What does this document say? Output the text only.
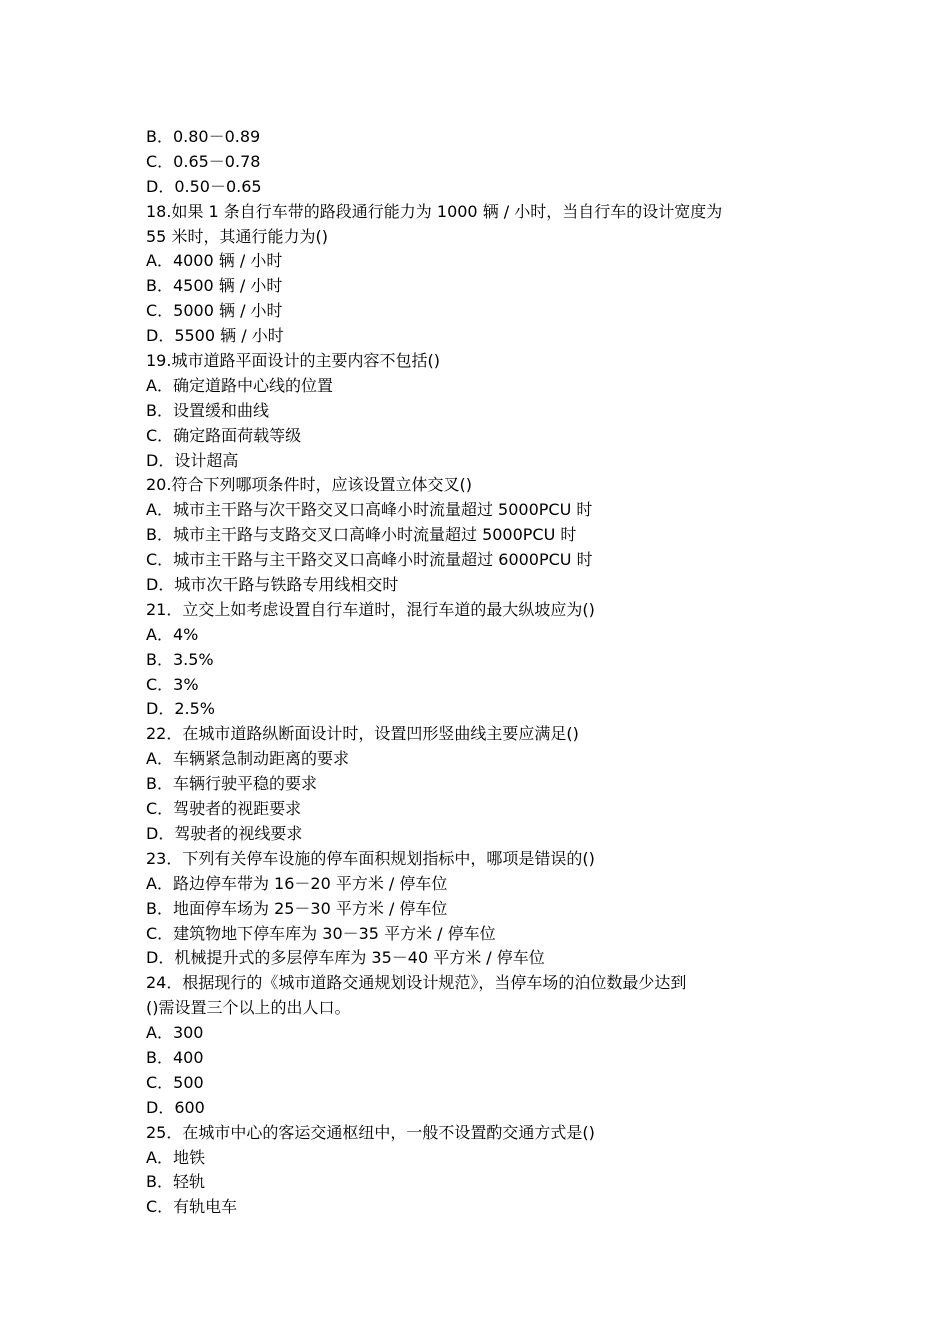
B．0.80－0.89
C．0.65－0.78
D．0.50－0.65
18.如果 1 条自行车带的路段通行能力为 1000 辆 / 小时，当自行车的设计宽度为
55 米时，其通行能力为()
A．4000 辆 / 小时
B．4500 辆 / 小时
C．5000 辆 / 小时
D．5500 辆 / 小时
19.城市道路平面设计的主要内容不包括()
A．确定道路中心线的位置
B．设置缓和曲线
C．确定路面荷载等级
D．设计超高
20.符合下列哪项条件时，应该设置立体交叉()
A．城市主干路与次干路交叉口高峰小时流量超过 5000PCU 时
B．城市主干路与支路交叉口高峰小时流量超过 5000PCU 时
C．城市主干路与主干路交叉口高峰小时流量超过 6000PCU 时
D．城市次干路与铁路专用线相交时
21．立交上如考虑设置自行车道时，混行车道的最大纵坡应为()
A．4%
B．3.5%
C．3%
D．2.5%
22．在城市道路纵断面设计时，设置凹形竖曲线主要应满足()
A．车辆紧急制动距离的要求
B．车辆行驶平稳的要求
C．驾驶者的视距要求
D．驾驶者的视线要求
23．下列有关停车设施的停车面积规划指标中，哪项是错误的()
A．路边停车带为 16－20 平方米 / 停车位
B．地面停车场为 25－30 平方米 / 停车位
C．建筑物地下停车库为 30－35 平方米 / 停车位
D．机械提升式的多层停车库为 35－40 平方米 / 停车位
24．根据现行的《城市道路交通规划设计规范》，当停车场的泊位数最少达到
()需设置三个以上的出人口。
A．300
B．400
C．500
D．600
25．在城市中心的客运交通枢纽中，一般不设置酌交通方式是()
A．地铁
B．轻轨
C．有轨电车
